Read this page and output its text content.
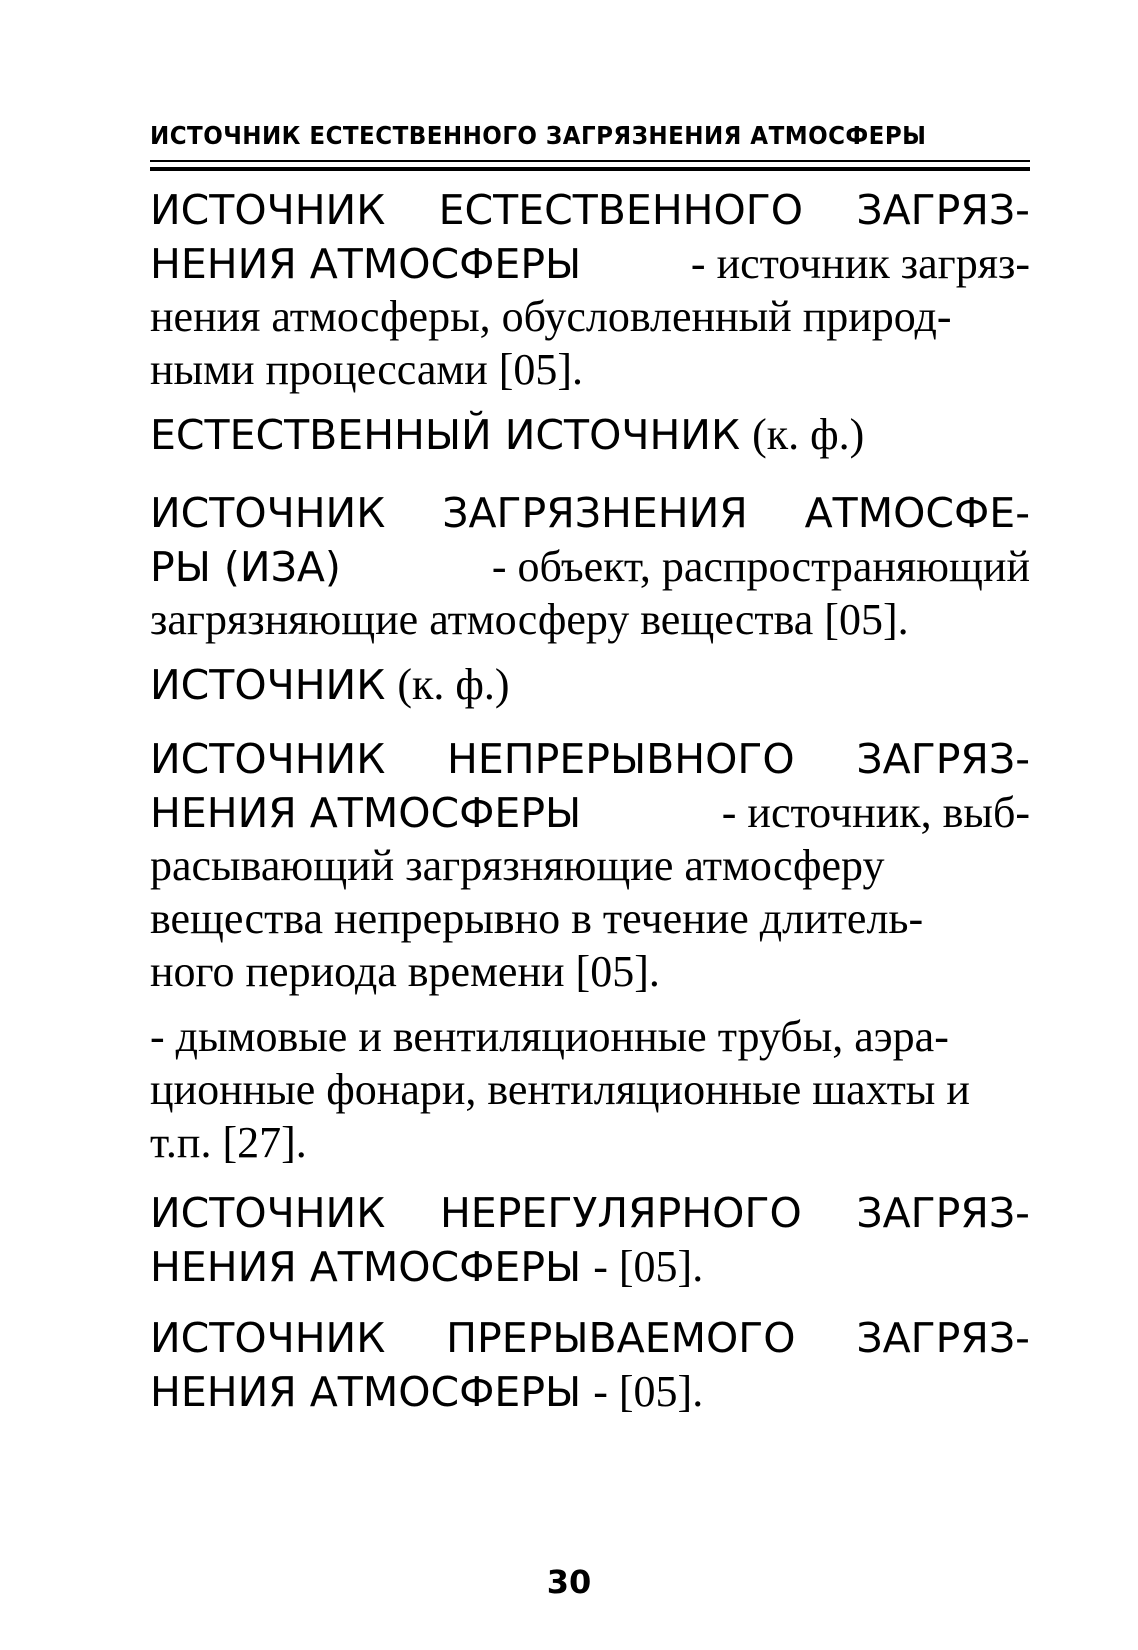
ИСТОЧНИК ЕСТЕСТВЕННОГО ЗАГРЯЗНЕНИЯ АТМОСФЕРЫ
ИСТОЧНИК ЕСТЕСТВЕННОГО ЗАГРЯЗ-
НЕНИЯ АТМОСФЕРЫ - источник загряз-
нения атмосферы, обусловленный природ-
ными процессами [05].
ЕСТЕСТВЕННЫЙ ИСТОЧНИК (к. ф.)
ИСТОЧНИК ЗАГРЯЗНЕНИЯ АТМОСФЕ-
РЫ (ИЗА)	- объект, распространяющий
загрязняющие атмосферу вещества [05].
ИСТОЧНИК (к. ф.)
ИСТОЧНИК НЕПРЕРЫВНОГО ЗАГРЯЗ-
НЕНИЯ АТМОСФЕРЫ	- источник, выб-
расывающий загрязняющие атмосферу
вещества непрерывно в течение длитель-
ного периода времени [05].
- дымовые и вентиляционные трубы, аэра-
ционные фонари, вентиляционные шахты и
т.п. [27].
ИСТОЧНИК НЕРЕГУЛЯРНОГО ЗАГРЯЗ-
НЕНИЯ АТМОСФЕРЫ - [05].
ИСТОЧНИК ПРЕРЫВАЕМОГО ЗАГРЯЗ-
НЕНИЯ АТМОСФЕРЫ - [05].
30
